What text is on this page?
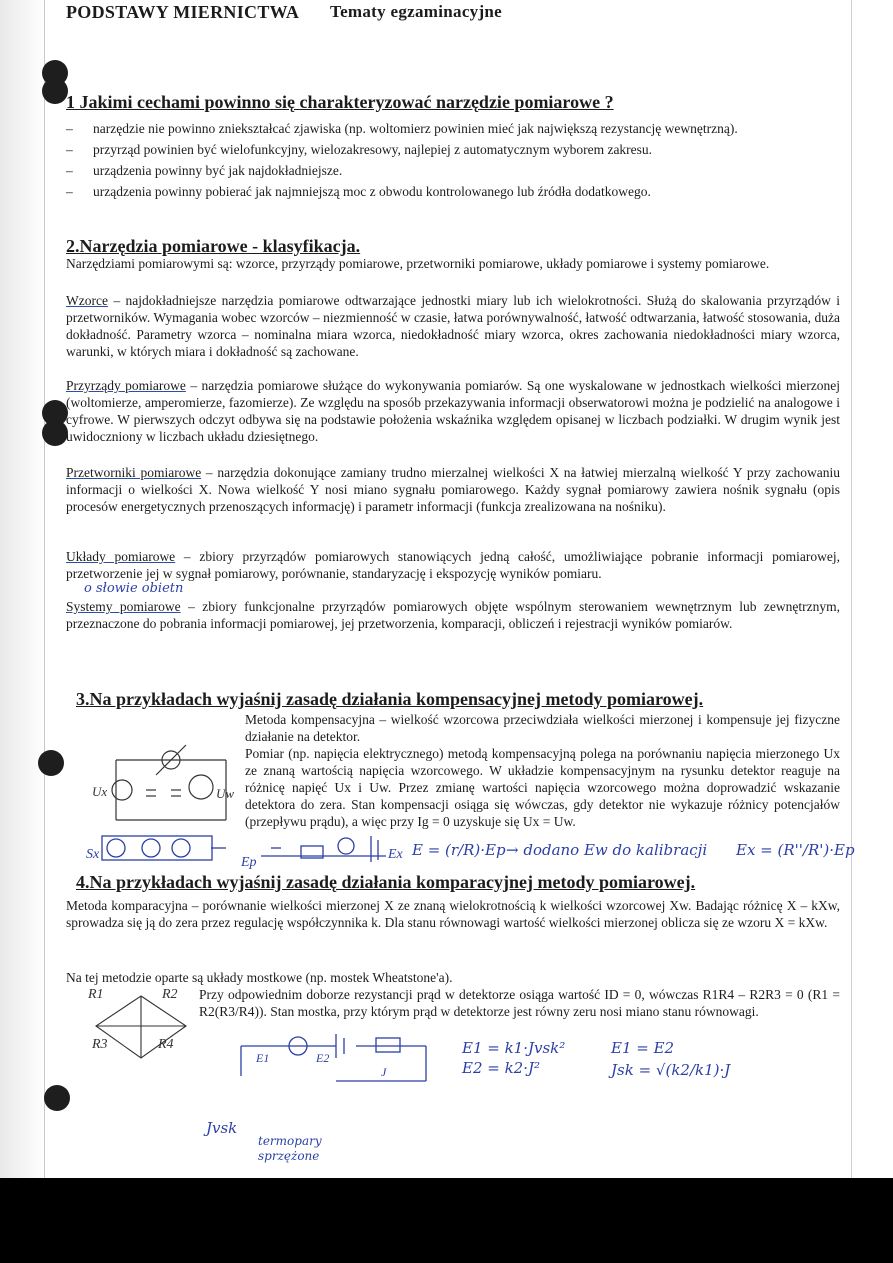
PODSTAWY MIERNICTWA Tematy egzaminacyjne
1 Jakimi cechami powinno się charakteryzować narzędzie pomiarowe ?
– narzędzie nie powinno zniekształcać zjawiska (np. woltomierz powinien mieć jak największą rezystancję wewnętrzną).
– przyrząd powinien być wielofunkcyjny, wielozakresowy, najlepiej z automatycznym wyborem zakresu.
– urządzenia powinny być jak najdokładniejsze.
– urządzenia powinny pobierać jak najmniejszą moc z obwodu kontrolowanego lub źródła dodatkowego.
2.Narzędzia pomiarowe - klasyfikacja.

Narzędziami pomiarowymi są: wzorce, przyrządy pomiarowe, przetworniki pomiarowe, układy pomiarowe i systemy pomiarowe.

Wzorce – najdokładniejsze narzędzia pomiarowe odtwarzające jednostki miary lub ich wielokrotności. Służą do skalowania przyrządów i przetworników. Wymagania wobec wzorców – niezmienność w czasie, łatwa porównywalność, łatwość odtwarzania, łatwość stosowania, duża dokładność. Parametry wzorca – nominalna miara wzorca, niedokładność miary wzorca, okres zachowania niedokładności miary wzorca, warunki, w których miara i dokładność są zachowane.

Przyrządy pomiarowe – narzędzia pomiarowe służące do wykonywania pomiarów. Są one wyskalowane w jednostkach wielkości mierzonej (woltomierze, amperomierze, fazomierze). Ze względu na sposób przekazywania informacji obserwatorowi można je podzielić na analogowe i cyfrowe. W pierwszych odczyt odbywa się na podstawie położenia wskaźnika względem opisanej w liczbach podziałki. W drugim wynik jest uwidoczniony w liczbach układu dziesiętnego.

Przetworniki pomiarowe – narzędzia dokonujące zamiany trudno mierzalnej wielkości X na łatwiej mierzalną wielkość Y przy zachowaniu informacji o wielkości X. Nowa wielkość Y nosi miano sygnału pomiarowego. Każdy sygnał pomiarowy zawiera nośnik sygnału (opis procesów energetycznych przenoszących informację) i parametr informacji (funkcja zrealizowana na nośniku).

Układy pomiarowe – zbiory przyrządów pomiarowych stanowiących jedną całość, umożliwiające pobranie informacji pomiarowej, przetworzenie jej w sygnał pomiarowy, porównanie, standaryzację i ekspozycję wyników pomiaru.

o słowie obietn

Systemy pomiarowe – zbiory funkcjonalne przyrządów pomiarowych objęte wspólnym sterowaniem wewnętrznym lub zewnętrznym, przeznaczone do pobrania informacji pomiarowej, jej przetworzenia, komparacji, obliczeń i rejestracji wyników pomiarów.

3.Na przykładach wyjaśnij zasadę działania kompensacyjnej metody pomiarowej.

Metoda kompensacyjna – wielkość wzorcowa przeciwdziała wielkości mierzonej i kompensuje jej fizyczne działanie na detektor.

Pomiar (np. napięcia elektrycznego) metodą kompensacyjną polega na porównaniu napięcia mierzonego Ux ze znaną wartością napięcia wzorcowego. W układzie kompensacyjnym na rysunku detektor reaguje na różnicę napięć Ux i Uw. Przez zmianę wartości napięcia wzorcowego można doprowadzić wskazanie detektora do zera. Stan kompensacji osiąga się wówczas, gdy detektor nie wykazuje różnicy potencjałów (przepływu prądu), a więc przy Ig = 0 uzyskuje się Ux = Uw.

Ux	Uw
Sx
Ep
Ex E = (r/R)·Ep → dodano Ew do kalibracji Ex = (R''/R')·Ep
4.Na przykładach wyjaśnij zasadę działania komparacyjnej metody pomiarowej.

Metoda komparacyjna – porównanie wielkości mierzonej X ze znaną wielokrotnością k wielkości wzorcowej Xw. Badając różnicę X – kXw, sprowadza się ją do zera przez regulację współczynnika k. Dla stanu równowagi wartość wielkości mierzonej oblicza się ze wzoru X = kXw.

Na tej metodzie oparte są układy mostkowe (np. mostek Wheatstone'a).

Przy odpowiednim doborze rezystancji prąd w detektorze osiąga wartość ID = 0, wówczas R1R4 – R2R3 = 0 (R1 = R2(R3/R4)). Stan mostka, przy którym prąd w detektorze jest równy zeru nosi miano stanu równowagi.

R1	R2
R3	R4
E1	E2
J
E1 = k1·Jvsk²
E2 = k2·J²
E1 = E2
Jsk = √(k2/k1)·J
Jvsk
termopary sprzężone
